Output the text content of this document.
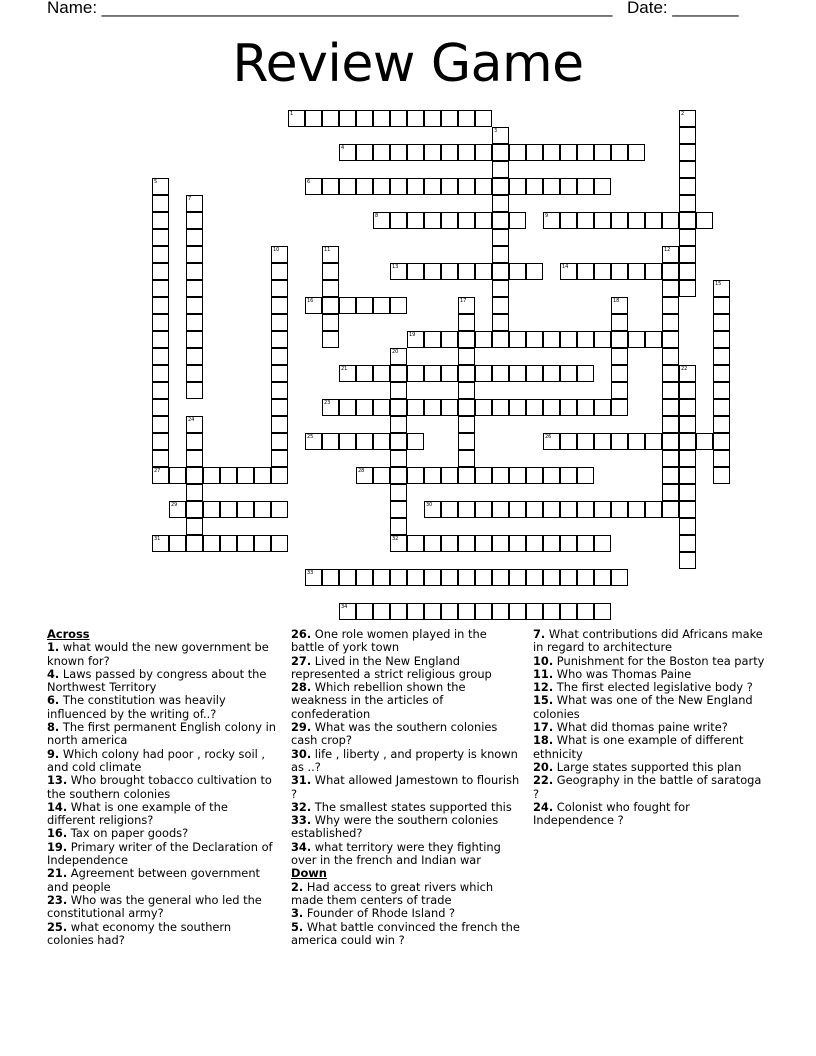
Name: ______________________________________________________ Date: _______
Review Game
1	2
3
4
5	6
7
8	9
10	11	12
13	14
15
16	17	18
19
20
32
21	22
23
24
25	26
27	28
29	30
31
33
34
Across
1. what would the new government be known for?
4. Laws passed by congress about the Northwest Territory
6. The constitution was heavily influenced by the writing of..?
8. The first permanent English colony in north america
9. Which colony had poor , rocky soil , and cold climate
13. Who brought tobacco cultivation to the southern colonies
14. What is one example of the different religions?
16. Tax on paper goods?
19. Primary writer of the Declaration of Independence
21. Agreement between government and people
23. Who was the general who led the constitutional army?
25. what economy the southern colonies had?
26. One role women played in the battle of york town
27. Lived in the New England represented a strict religious group
28. Which rebellion shown the weakness in the articles of confederation
29. What was the southern colonies cash crop?
30. life , liberty , and property is known as ..?
31. What allowed Jamestown to flourish ?
32. The smallest states supported this
33. Why were the southern colonies established?
34. what territory were they fighting over in the french and Indian war
Down
2. Had access to great rivers which made them centers of trade
3. Founder of Rhode Island ?
5. What battle convinced the french the america could win ?
7. What contributions did Africans make in regard to architecture
10. Punishment for the Boston tea party
11. Who was Thomas Paine
12. The first elected legislative body ?
15. What was one of the New England colonies
17. What did thomas paine write?
18. What is one example of different ethnicity
20. Large states supported this plan
22. Geography in the battle of saratoga ?
24. Colonist who fought for Independence ?
